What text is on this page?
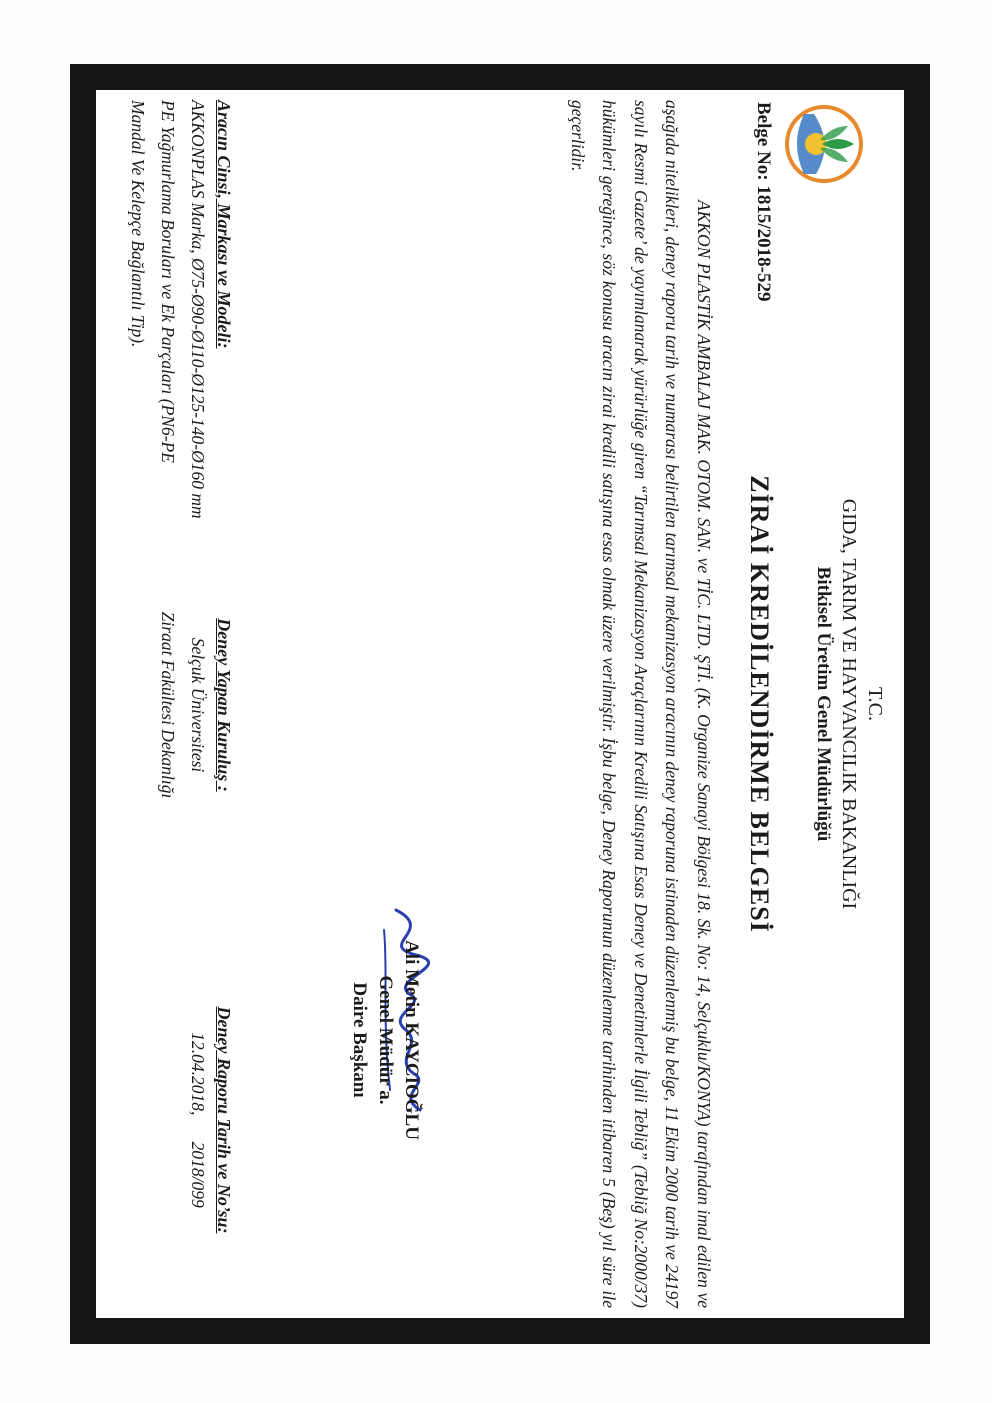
T.C.
GIDA, TARIM VE HAYVANCILIK BAKANLIĞI
Bitkisel Üretim Genel Müdürlüğü
Belge No: 1815/2018-529
ZİRAİ KREDİLENDİRME BELGESİ

AKKON PLASTİK AMBALAJ MAK. OTOM. SAN. ve TİC. LTD. ŞTİ. (K. Organize Sanayi Bölgesi 18. Sk. No: 14, Selçuklu/KONYA) tarafından imal edilen ve aşağıda nitelikleri, deney raporu tarih ve numarası belirtilen tarımsal mekanizasyon aracının deney raporuna istinaden düzenlenmiş bu belge, 11 Ekim 2000 tarih ve 24197 sayılı Resmi Gazete’ de yayımlanarak yürürlüğe giren “Tarımsal Mekanizasyon Araçlarının Kredili Satışına Esas Deney ve Denetimlerle İlgili Tebliğ” (Tebliğ No:2000/37) hükümleri gereğince, söz konusu aracın zirai kredili satışına esas olmak üzere verilmiştir. İşbu belge, Deney Raporunun düzenlenme tarihinden itibaren 5 (Beş) yıl süre ile geçerlidir.

Ali Metin KAYCIOĞLU
Genel Müdür a.
Daire Başkanı
Aracın Cinsi, Markası ve Modeli:
AKKONPLAS Marka, Ø75-Ø90-Ø110-Ø125-140-Ø160 mm PE Yağmurlama Boruları ve Ek Parçaları (PN6-PE Mandal Ve Kelepçe Bağlantılı Tip).
Deney Yapan Kuruluş :
Selçuk Üniversitesi
Ziraat Fakültesi Dekanlığı
Deney Raporu Tarih ve No’su:
12.04.2018,      2018/099
